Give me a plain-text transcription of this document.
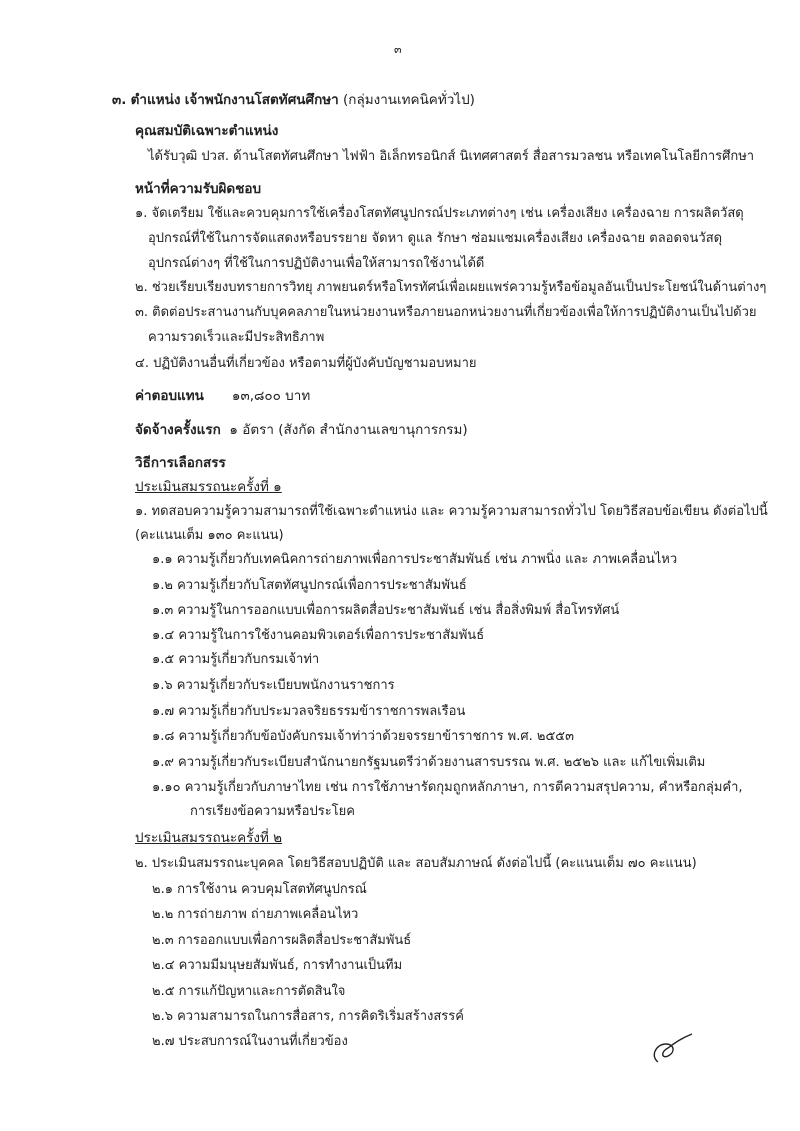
๓
๓. ตำแหน่ง เจ้าพนักงานโสตทัศนศึกษา (กลุ่มงานเทคนิคทั่วไป)
คุณสมบัติเฉพาะตำแหน่ง
ได้รับวุฒิ ปวส. ด้านโสตทัศนศึกษา ไฟฟ้า อิเล็กทรอนิกส์ นิเทศศาสตร์ สื่อสารมวลชน หรือเทคโนโลยีการศึกษา
หน้าที่ความรับผิดชอบ
๑. จัดเตรียม ใช้และควบคุมการใช้เครื่องโสตทัศนูปกรณ์ประเภทต่างๆ เช่น เครื่องเสียง เครื่องฉาย การผลิตวัสดุ
อุปกรณ์ที่ใช้ในการจัดแสดงหรือบรรยาย จัดหา ดูแล รักษา ซ่อมแซมเครื่องเสียง เครื่องฉาย ตลอดจนวัสดุ
อุปกรณ์ต่างๆ ที่ใช้ในการปฏิบัติงานเพื่อให้สามารถใช้งานได้ดี
๒. ช่วยเรียบเรียงบทรายการวิทยุ ภาพยนตร์หรือโทรทัศน์เพื่อเผยแพร่ความรู้หรือข้อมูลอันเป็นประโยชน์ในด้านต่างๆ
๓. ติดต่อประสานงานกับบุคคลภายในหน่วยงานหรือภายนอกหน่วยงานที่เกี่ยวข้องเพื่อให้การปฏิบัติงานเป็นไปด้วย
ความรวดเร็วและมีประสิทธิภาพ
๔. ปฏิบัติงานอื่นที่เกี่ยวข้อง หรือตามที่ผู้บังคับบัญชามอบหมาย
ค่าตอบแทน ๑๓,๘๐๐ บาท
จัดจ้างครั้งแรก ๑ อัตรา (สังกัด สำนักงานเลขานุการกรม)
วิธีการเลือกสรร
ประเมินสมรรถนะครั้งที่ ๑
๑. ทดสอบความรู้ความสามารถที่ใช้เฉพาะตำแหน่ง และ ความรู้ความสามารถทั่วไป โดยวิธีสอบข้อเขียน ดังต่อไปนี้
(คะแนนเต็ม ๑๓๐ คะแนน)
๑.๑ ความรู้เกี่ยวกับเทคนิคการถ่ายภาพเพื่อการประชาสัมพันธ์ เช่น ภาพนิ่ง และ ภาพเคลื่อนไหว
๑.๒ ความรู้เกี่ยวกับโสตทัศนูปกรณ์เพื่อการประชาสัมพันธ์
๑.๓ ความรู้ในการออกแบบเพื่อการผลิตสื่อประชาสัมพันธ์ เช่น สื่อสิ่งพิมพ์ สื่อโทรทัศน์
๑.๔ ความรู้ในการใช้งานคอมพิวเตอร์เพื่อการประชาสัมพันธ์
๑.๕ ความรู้เกี่ยวกับกรมเจ้าท่า
๑.๖ ความรู้เกี่ยวกับระเบียบพนักงานราชการ
๑.๗ ความรู้เกี่ยวกับประมวลจริยธรรมข้าราชการพลเรือน
๑.๘ ความรู้เกี่ยวกับข้อบังคับกรมเจ้าท่าว่าด้วยจรรยาข้าราชการ พ.ศ. ๒๕๕๓
๑.๙ ความรู้เกี่ยวกับระเบียบสำนักนายกรัฐมนตรีว่าด้วยงานสารบรรณ พ.ศ. ๒๕๒๖ และ แก้ไขเพิ่มเติม
๑.๑๐ ความรู้เกี่ยวกับภาษาไทย เช่น การใช้ภาษารัดกุมถูกหลักภาษา, การตีความสรุปความ, คำหรือกลุ่มคำ,
การเรียงข้อความหรือประโยค
ประเมินสมรรถนะครั้งที่ ๒
๒. ประเมินสมรรถนะบุคคล โดยวิธีสอบปฏิบัติ และ สอบสัมภาษณ์ ดังต่อไปนี้ (คะแนนเต็ม ๗๐ คะแนน)
๒.๑ การใช้งาน ควบคุมโสตทัศนูปกรณ์
๒.๒ การถ่ายภาพ ถ่ายภาพเคลื่อนไหว
๒.๓ การออกแบบเพื่อการผลิตสื่อประชาสัมพันธ์
๒.๔ ความมีมนุษยสัมพันธ์, การทำงานเป็นทีม
๒.๕ การแก้ปัญหาและการตัดสินใจ
๒.๖ ความสามารถในการสื่อสาร, การคิดริเริ่มสร้างสรรค์
๒.๗ ประสบการณ์ในงานที่เกี่ยวข้อง
